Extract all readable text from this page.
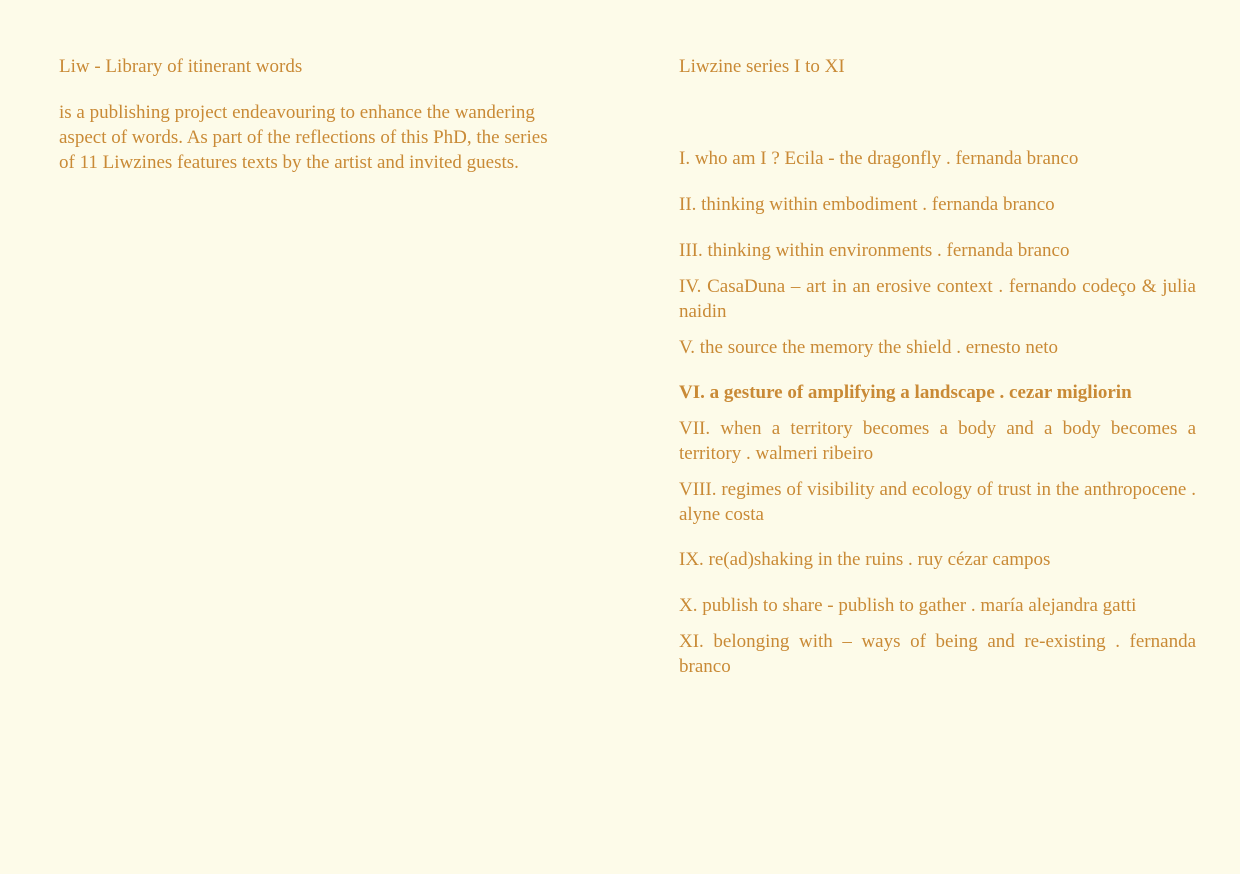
Liw - Library of itinerant words

is a publishing project endeavouring to enhance the wandering aspect of words. As part of the reflections of this PhD, the series of 11 Liwzines features texts by the artist and invited guests.

Liwzine series I to XI

I. who am I ? Ecila - the dragonfly . fernanda branco

II. thinking within embodiment . fernanda branco

III. thinking within environments . fernanda branco

IV. CasaDuna – art in an erosive context . fernando codeço & julia naidin

V. the source the memory the shield . ernesto neto

VI. a gesture of amplifying a landscape . cezar migliorin

VII. when a territory becomes a body and a body becomes a territory . walmeri ribeiro

VIII. regimes of visibility and ecology of trust in the anthropocene . alyne costa

IX. re(ad)shaking in the ruins . ruy cézar campos

X. publish to share - publish to gather . maría alejandra gatti

XI. belonging with – ways of being and re-existing . fernanda branco
